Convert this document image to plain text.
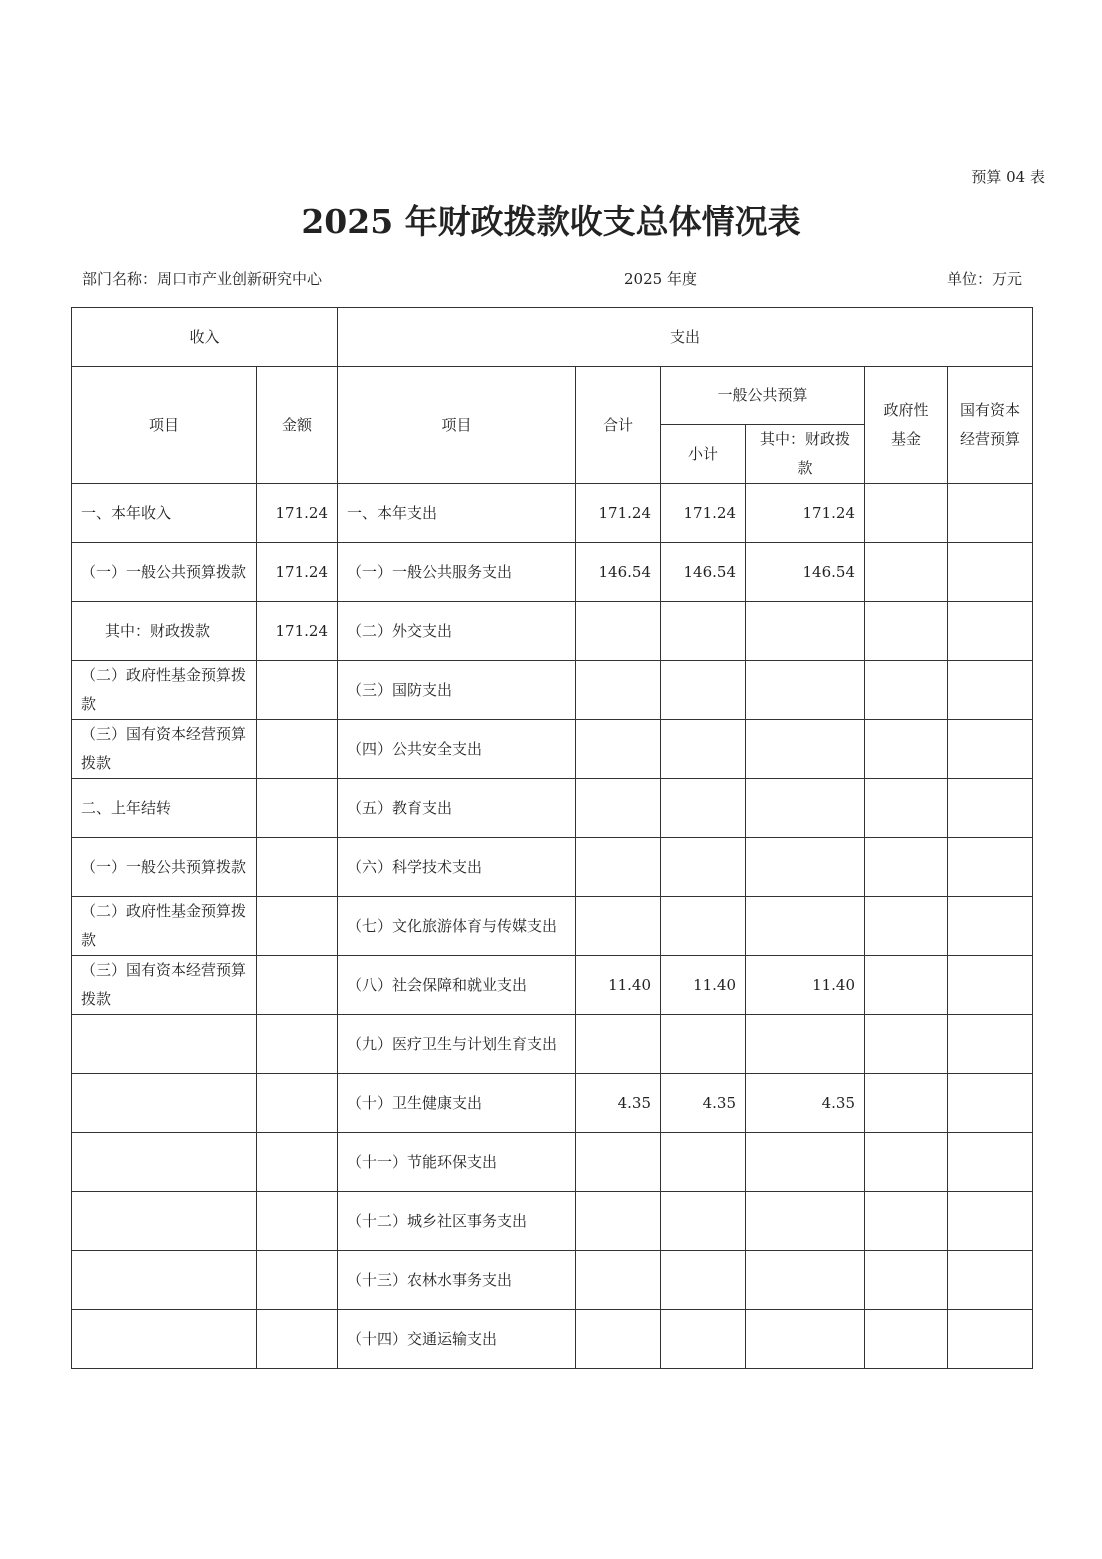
预算 04 表
2025 年财政拨款收支总体情况表
部门名称：周口市产业创新研究中心	2025 年度	单位：万元
收入		支出					
项目	金额	项目	合计	一般公共预算		政府性基金	国有资本经营预算
				小计	其中：财政拨款		
一、本年收入	171.24	一、本年支出	171.24	171.24	171.24		
（一）一般公共预算拨款	171.24	（一）一般公共服务支出	146.54	146.54	146.54		
其中：财政拨款	171.24	（二）外交支出					
（二）政府性基金预算拨款		（三）国防支出					
（三）国有资本经营预算拨款		（四）公共安全支出					
二、上年结转		（五）教育支出					
（一）一般公共预算拨款		（六）科学技术支出					
（二）政府性基金预算拨款		（七）文化旅游体育与传媒支出					
（三）国有资本经营预算拨款		（八）社会保障和就业支出	11.40	11.40	11.40		
		（九）医疗卫生与计划生育支出					
		（十）卫生健康支出	4.35	4.35	4.35		
		（十一）节能环保支出					
		（十二）城乡社区事务支出					
		（十三）农林水事务支出					
		（十四）交通运输支出					
